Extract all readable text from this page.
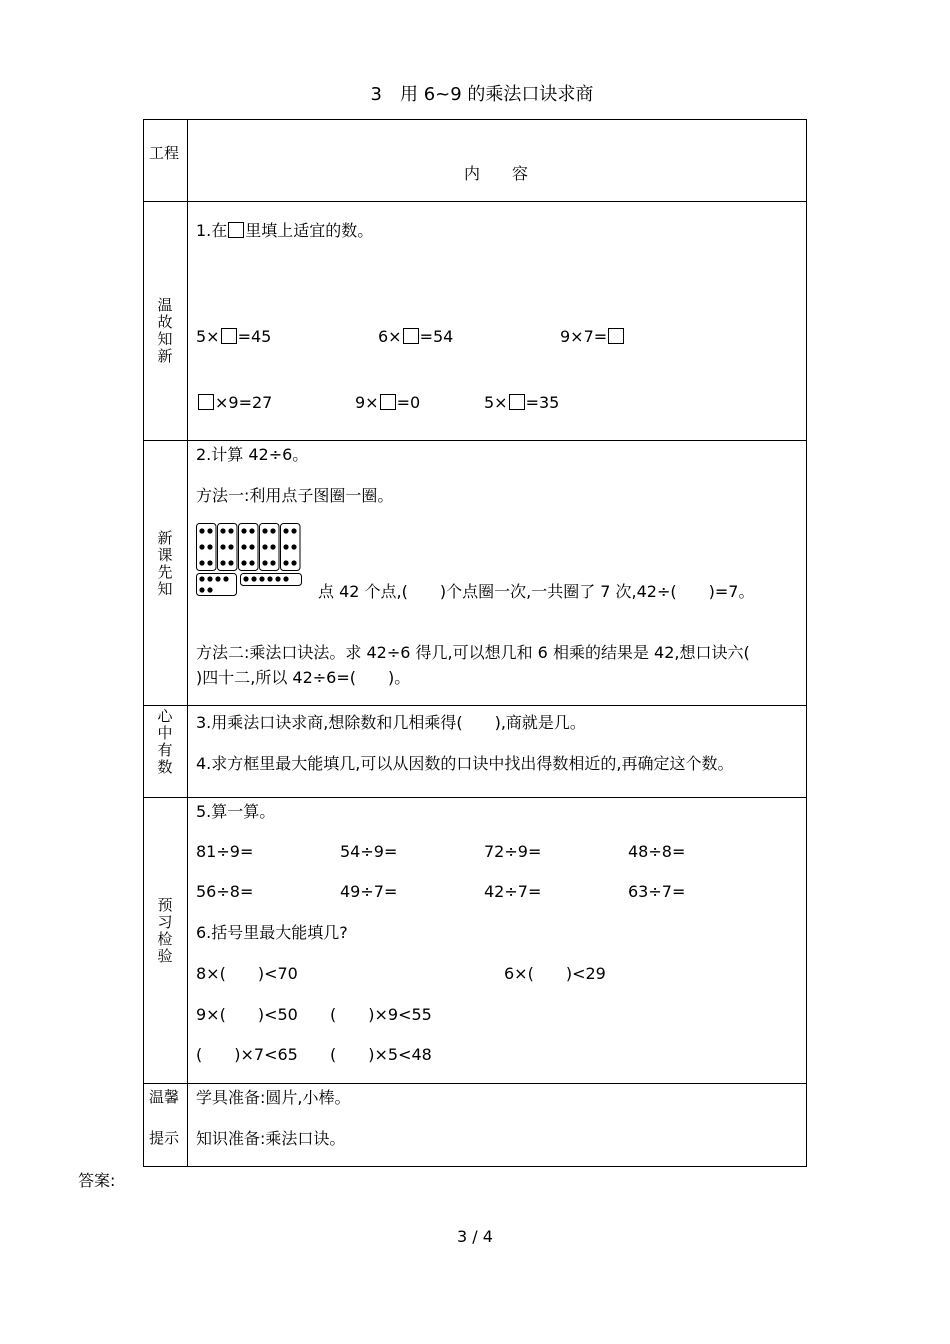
3　用 6~9 的乘法口诀求商
工程
内　　容
温故知新
1.在 里填上适宜的数。
5× =45	6× =54	9×7=
×9=27	9× =0	5× =35
新课先知
2.计算 42÷6。
方法一:利用点子图圈一圈。
点 42 个点,(　　)个点圈一次,一共圈了 7 次,42÷(　　)=7。
方法二:乘法口诀法。求 42÷6 得几,可以想几和 6 相乘的结果是 42,想口诀六(
)四十二,所以 42÷6=(　　)。
心中有数
3.用乘法口诀求商,想除数和几相乘得(　　),商就是几。
4.求方框里最大能填几,可以从因数的口诀中找出得数相近的,再确定这个数。
预习检验
5.算一算。
81÷9=	54÷9=	72÷9=	48÷8=
56÷8=	49÷7=	42÷7=	63÷7=
6.括号里最大能填几?
8×(　　)<70	6×(　　)<29
9×(　　)<50 (　　)×9<55
(　　)×7<65 (　　)×5<48
温馨
提示
学具准备:圆片,小棒。
知识准备:乘法口诀。
答案:
3 / 4
